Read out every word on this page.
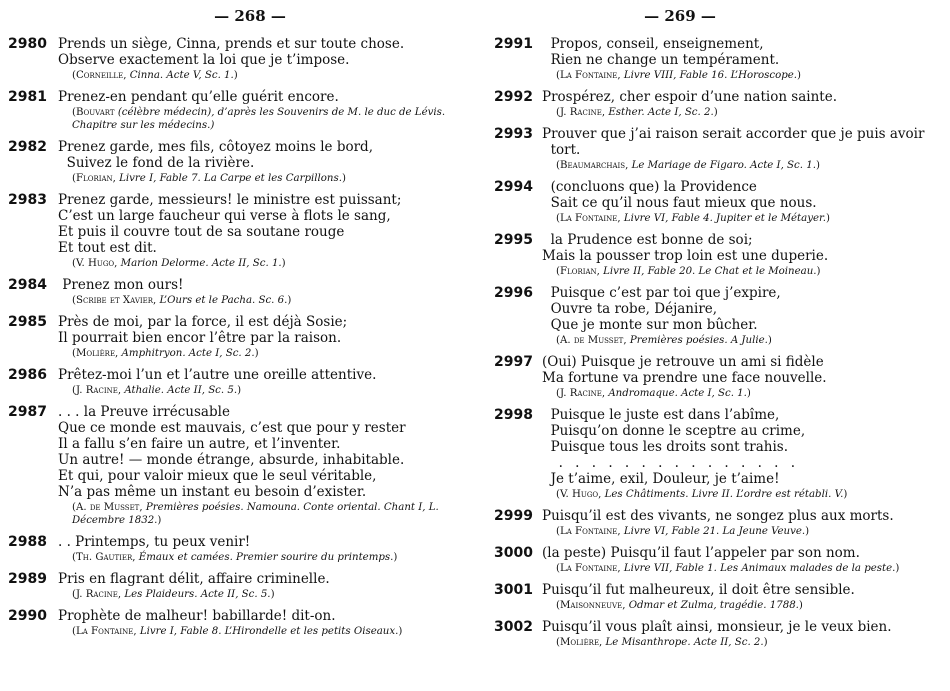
— 268 —
2980 Prends un siège, Cinna, prends et sur toute chose.
Observe exactement la loi que je t’impose.
(Corneille, Cinna. Acte V, Sc. 1.)
2981 Prenez-en pendant qu’elle guérit encore.
(Bouvart (célèbre médecin), d’après les Souvenirs de M. le duc de Lévis. Chapitre sur les médecins.)
2982 Prenez garde, mes fils, côtoyez moins le bord,
Suivez le fond de la rivière.
(Florian, Livre I, Fable 7. La Carpe et les Carpillons.)
2983 Prenez garde, messieurs! le ministre est puissant;
C’est un large faucheur qui verse à flots le sang,
Et puis il couvre tout de sa soutane rouge
Et tout est dit.
(V. Hugo, Marion Delorme. Acte II, Sc. 1.)
2984 Prenez mon ours!
(Scribe et Xavier, L’Ours et le Pacha. Sc. 6.)
2985 Près de moi, par la force, il est déjà Sosie;
Il pourrait bien encor l’être par la raison.
(Molière, Amphitryon. Acte I, Sc. 2.)
2986 Prêtez-moi l’un et l’autre une oreille attentive.
(J. Racine, Athalie. Acte II, Sc. 5.)
2987 . . . la Preuve irrécusable
Que ce monde est mauvais, c’est que pour y rester
Il a fallu s’en faire un autre, et l’inventer.
Un autre! — monde étrange, absurde, inhabitable.
Et qui, pour valoir mieux que le seul véritable,
N’a pas même un instant eu besoin d’exister.
(A. de Musset, Premières poésies. Namouna. Conte oriental. Chant I, L. Décembre 1832.)
2988 . . Printemps, tu peux venir!
(Th. Gautier, Émaux et camées. Premier sourire du printemps.)
2989 Pris en flagrant délit, affaire criminelle.
(J. Racine, Les Plaideurs. Acte II, Sc. 5.)
2990 Prophète de malheur! babillarde! dit-on.
(La Fontaine, Livre I, Fable 8. L’Hirondelle et les petits Oiseaux.)
— 269 —
2991 Propos, conseil, enseignement,
Rien ne change un tempérament.
(La Fontaine, Livre VIII, Fable 16. L’Horoscope.)
2992 Prospérez, cher espoir d’une nation sainte.
(J. Racine, Esther. Acte I, Sc. 2.)
2993 Prouver que j’ai raison serait accorder que je puis avoir
tort.
(Beaumarchais, Le Mariage de Figaro. Acte I, Sc. 1.)
2994 (concluons que) la Providence
Sait ce qu’il nous faut mieux que nous.
(La Fontaine, Livre VI, Fable 4. Jupiter et le Métayer.)
2995 la Prudence est bonne de soi;
Mais la pousser trop loin est une duperie.
(Florian, Livre II, Fable 20. Le Chat et le Moineau.)
2996 Puisque c’est par toi que j’expire,
Ouvre ta robe, Déjanire,
Que je monte sur mon bûcher.
(A. de Musset, Premières poésies. A Julie.)
2997 (Oui) Puisque je retrouve un ami si fidèle
Ma fortune va prendre une face nouvelle.
(J. Racine, Andromaque. Acte I, Sc. 1.)
2998 Puisque le juste est dans l’abîme,
Puisqu’on donne le sceptre au crime,
Puisque tous les droits sont trahis.
. . . . . . . . . . . . . . .
Je t’aime, exil, Douleur, je t’aime!
(V. Hugo, Les Châtiments. Livre II. L’ordre est rétabli. V.)
2999 Puisqu’il est des vivants, ne songez plus aux morts.
(La Fontaine, Livre VI, Fable 21. La Jeune Veuve.)
3000 (la peste) Puisqu’il faut l’appeler par son nom.
(La Fontaine, Livre VII, Fable 1. Les Animaux malades de la peste.)
3001 Puisqu’il fut malheureux, il doit être sensible.
(Maisonneuve, Odmar et Zulma, tragédie. 1788.)
3002 Puisqu’il vous plaît ainsi, monsieur, je le veux bien.
(Molière, Le Misanthrope. Acte II, Sc. 2.)
